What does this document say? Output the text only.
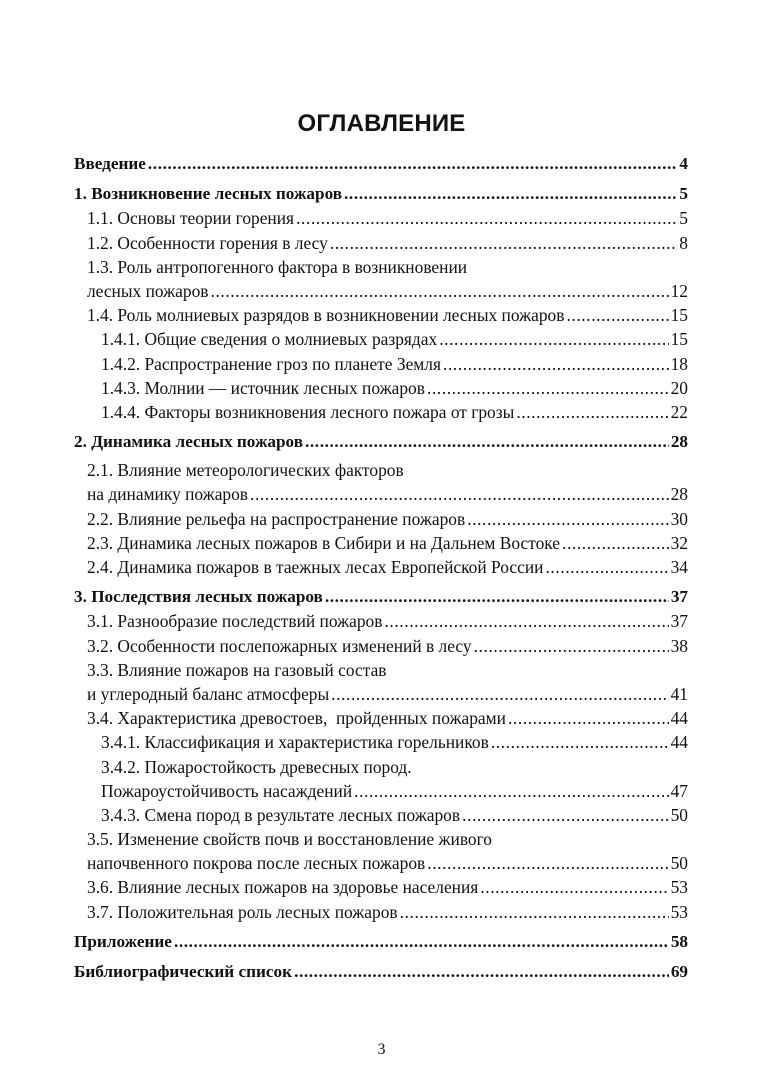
ОГЛАВЛЕНИЕ
Введение .....	4
1. Возникновение лесных пожаров .....	5
1.1. Основы теории горения .....	5
1.2. Особенности горения в лесу .....	8
1.3. Роль антропогенного фактора в возникновении
лесных пожаров .....	12
1.4. Роль молниевых разрядов в возникновении лесных пожаров .....	15
1.4.1. Общие сведения о молниевых разрядах .....	15
1.4.2. Распространение гроз по планете Земля .....	18
1.4.3. Молнии — источник лесных пожаров .....	20
1.4.4. Факторы возникновения лесного пожара от грозы .....	22
2. Динамика лесных пожаров .....	28
2.1. Влияние метеорологических факторов
на динамику пожаров .....	28
2.2. Влияние рельефа на распространение пожаров .....	30
2.3. Динамика лесных пожаров в Сибири и на Дальнем Востоке .....	32
2.4. Динамика пожаров в таежных лесах Европейской России .....	34
3. Последствия лесных пожаров .....	37
3.1. Разнообразие последствий пожаров .....	37
3.2. Особенности послепожарных изменений в лесу .....	38
3.3. Влияние пожаров на газовый состав
и углеродный баланс атмосферы .....	41
3.4. Характеристика древостоев,  пройденных пожарами .....	44
3.4.1. Классификация и характеристика горельников .....	44
3.4.2. Пожаростойкость древесных пород.
Пожароустойчивость насаждений .....	47
3.4.3. Смена пород в результате лесных пожаров .....	50
3.5. Изменение свойств почв и восстановление живого
напочвенного покрова после лесных пожаров .....	50
3.6. Влияние лесных пожаров на здоровье населения .....	53
3.7. Положительная роль лесных пожаров .....	53
Приложение .....	58
Библиографический список .....	69
3
